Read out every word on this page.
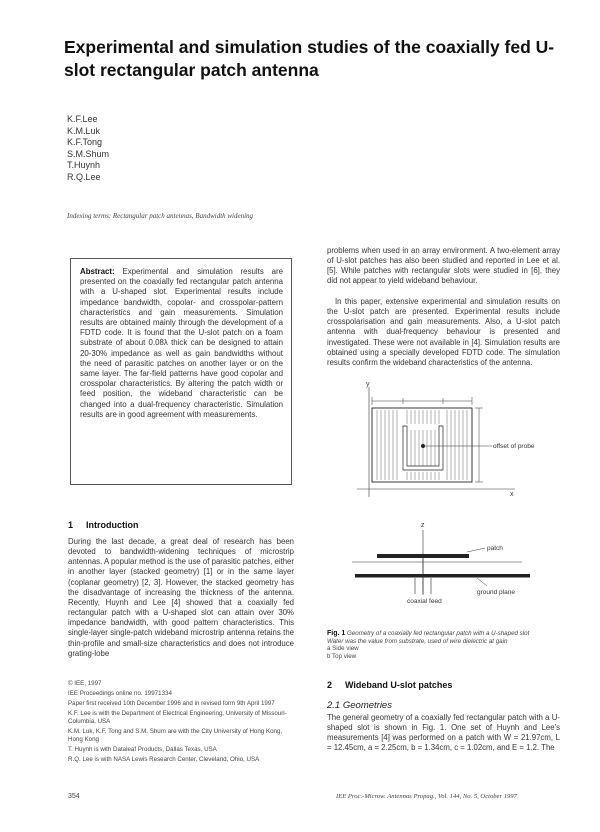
Experimental and simulation studies of the coaxially fed U-slot rectangular patch antenna
K.F.Lee
K.M.Luk
K.F.Tong
S.M.Shum
T.Huynh
R.Q.Lee
Indexing terms: Rectangular patch antennas, Bandwidth widening
Abstract: Experimental and simulation results are presented on the coaxially fed rectangular patch antenna with a U-shaped slot. Experimental results include impedance bandwidth, copolar- and crosspolar-pattern characteristics and gain measurements. Simulation results are obtained mainly through the development of a FDTD code. It is found that the U-slot patch on a foam substrate of about 0.08λ thick can be designed to attain 20-30% impedance as well as gain bandwidths without the need of parasitic patches on another layer or on the same layer. The far-field patterns have good copolar and crosspolar characteristics. By altering the patch width or feed position, the wideband characteristic can be changed into a dual-frequency characteristic. Simulation results are in good agreement with measurements.
1 Introduction
During the last decade, a great deal of research has been devoted to bandwidth-widening techniques of microstrip antennas. A popular method is the use of parasitic patches, either in another layer (stacked geometry) [1] or in the same layer (coplanar geometry) [2, 3]. However, the stacked geometry has the disadvantage of increasing the thickness of the antenna. Recently, Huynh and Lee [4] showed that a coaxially fed rectangular patch with a U-shaped slot can attain over 30% impedance bandwidth, with good pattern characteristics. This single-layer single-patch wideband microstrip antenna retains the thin-profile and small-size characteristics and does not introduce grating-lobe
problems when used in an array environment. A two-element array of U-slot patches has also been studied and reported in Lee et al. [5]. While patches with rectangular slots were studied in [6], they did not appear to yield wideband behaviour.
In this paper, extensive experimental and simulation results on the U-slot patch are presented. Experimental results include crosspolarisation and gain measurements. Also, a U-slot patch antenna with dual-frequency behaviour is presented and investigated. These were not available in [4]. Simulation results are obtained using a specially developed FDTD code. The simulation results confirm the wideband characteristics of the antenna.
y
x
offset of probe
z
patch
coaxial feed
ground plane
Fig. 1 Geometry of a coaxially fed rectangular patch with a U-shaped slot
Water was the value from substrate, used of wire dielectric at gain
a Side view
b Top view
2 Wideband U-slot patches
2.1 Geometries
The general geometry of a coaxially fed rectangular patch with a U-shaped slot is shown in Fig. 1. One set of Huynh and Lee's measurements [4] was performed on a patch with W = 21.97cm, L = 12.45cm, a = 2.25cm, b = 1.34cm, c = 1.02cm, and E = 1.2. The
© IEE, 1997
IEE Proceedings online no. 19971334
Paper first received 10th December 1996 and in revised form 9th April 1997
K.F. Lee is with the Department of Electrical Engineering, University of Missouri-Columbia, USA
K.M. Luk, K.F. Tong and S.M. Shum are with the City University of Hong Kong, Hong Kong
T. Huynh is with Dataleaf Products, Dallas Texas, USA
R.Q. Lee is with NASA Lewis Research Center, Cleveland, Ohio, USA
354	IEE Proc.-Microw. Antennas Propag., Vol. 144, No. 5, October 1997
